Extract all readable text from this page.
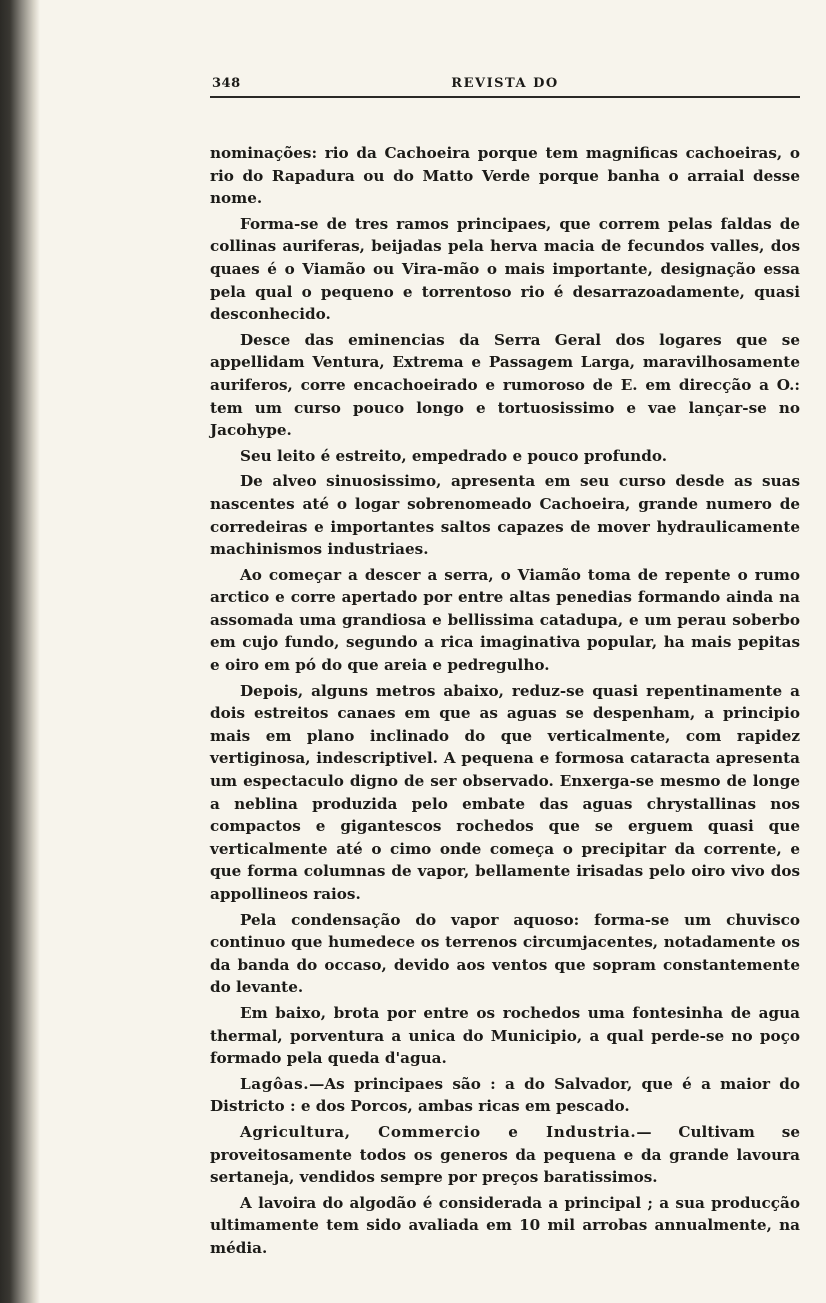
348	REVISTA DO

nominações: rio da Cachoeira porque tem magnificas cachoeiras, o rio do Rapadura ou do Matto Verde porque banha o arraial desse nome.

Forma-se de tres ramos principaes, que correm pelas faldas de collinas auriferas, beijadas pela herva macia de fecundos valles, dos quaes é o Viamão ou Vira-mão o mais importante, designação essa pela qual o pequeno e torrentoso rio é desarrazoadamente, quasi desconhecido.

Desce das eminencias da Serra Geral dos logares que se appellidam Ventura, Extrema e Passagem Larga, maravilhosamente auriferos, corre encachoeirado e rumoroso de E. em direcção a O.: tem um curso pouco longo e tortuosissimo e vae lançar-se no Jacohype.

Seu leito é estreito, empedrado e pouco profundo.

De alveo sinuosissimo, apresenta em seu curso desde as suas nascentes até o logar sobrenomeado Cachoeira, grande numero de corredeiras e importantes saltos capazes de mover hydraulicamente machinismos industriaes.

Ao começar a descer a serra, o Viamão toma de repente o rumo arctico e corre apertado por entre altas penedias formando ainda na assomada uma grandiosa e bellissima catadupa, e um perau soberbo em cujo fundo, segundo a rica imaginativa popular, ha mais pepitas e oiro em pó do que areia e pedregulho.

Depois, alguns metros abaixo, reduz-se quasi repentinamente a dois estreitos canaes em que as aguas se despenham, a principio mais em plano inclinado do que verticalmente, com rapidez vertiginosa, indescriptivel. A pequena e formosa cataracta apresenta um espectaculo digno de ser observado. Enxerga-se mesmo de longe a neblina produzida pelo embate das aguas chrystallinas nos compactos e gigantescos rochedos que se erguem quasi que verticalmente até o cimo onde começa o precipitar da corrente, e que forma columnas de vapor, bellamente irisadas pelo oiro vivo dos appollineos raios.

Pela condensação do vapor aquoso: forma-se um chuvisco continuo que humedece os terrenos circumjacentes, notadamente os da banda do occaso, devido aos ventos que sopram constantemente do levante.

Em baixo, brota por entre os rochedos uma fontesinha de agua thermal, porventura a unica do Municipio, a qual perde-se no poço formado pela queda d'agua.

Lagôas.—As principaes são : a do Salvador, que é a maior do Districto : e dos Porcos, ambas ricas em pescado.

Agricultura, Commercio e Industria.— Cultivam se proveitosamente todos os generos da pequena e da grande lavoura sertaneja, vendidos sempre por preços baratissimos.

A lavoira do algodão é considerada a principal ; a sua producção ultimamente tem sido avaliada em 10 mil arrobas annualmente, na média.
